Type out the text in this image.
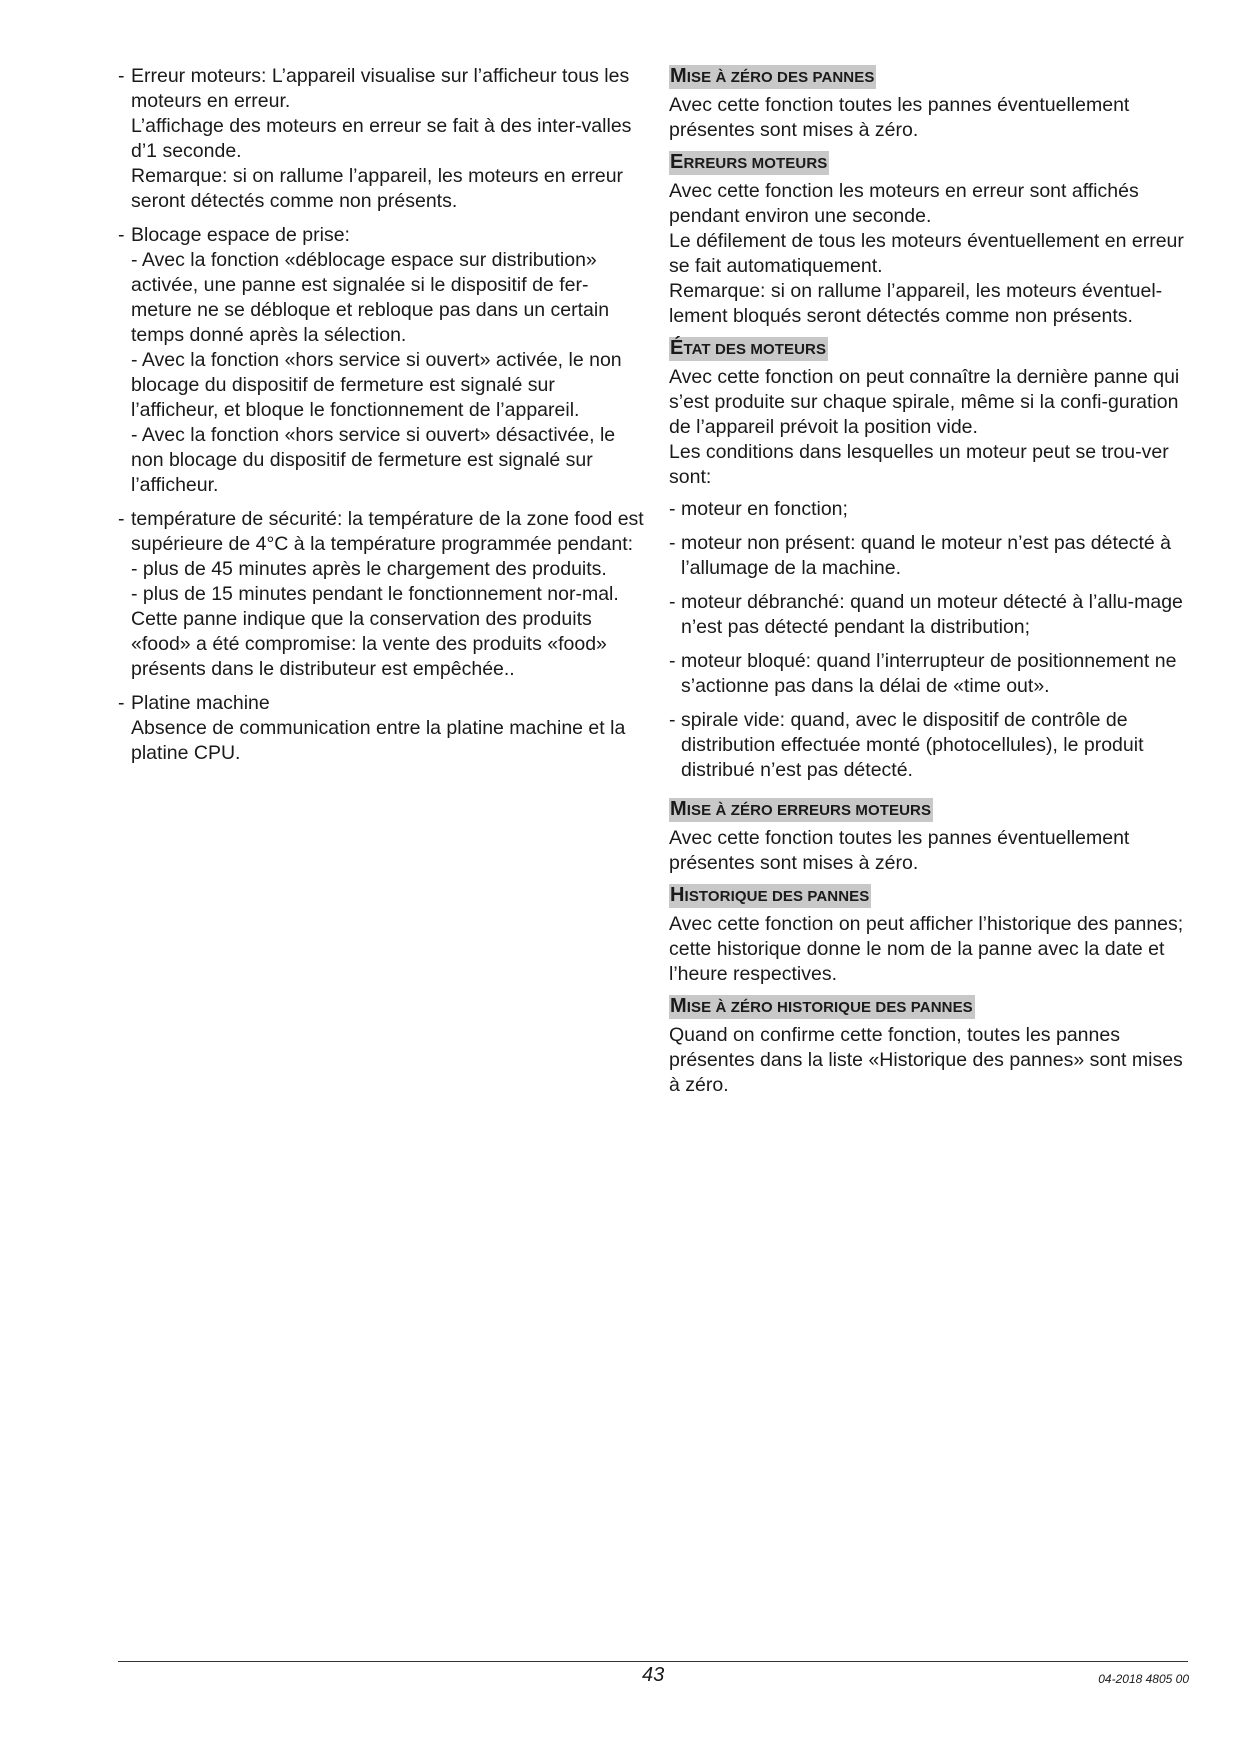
- Erreur moteurs: L’appareil visualise sur l’afficheur tous les moteurs en erreur.

L’affichage des moteurs en erreur se fait à des inter-valles d’1 seconde.

Remarque: si on rallume l’appareil, les moteurs en erreur seront détectés comme non présents.

- Blocage espace de prise:

- Avec la fonction «déblocage espace sur distribution» activée, une panne est signalée si le dispositif de fer-meture ne se débloque et rebloque pas dans un certain temps donné après la sélection.

- Avec la fonction «hors service si ouvert» activée, le non blocage du dispositif de fermeture est signalé sur l’afficheur, et bloque le fonctionnement de l’appareil.

- Avec la fonction «hors service si ouvert» désactivée, le non blocage du dispositif de fermeture est signalé sur l’afficheur.

- température de sécurité: la température de la zone food est supérieure de 4°C à la température programmée pendant:

- plus de 45 minutes après le chargement des produits.

- plus de 15 minutes pendant le fonctionnement nor-mal.

Cette panne indique que la conservation des produits «food» a été compromise: la vente des produits «food» présents dans le distributeur est empêchée..

- Platine machine

Absence de communication entre la platine machine et la platine CPU.

MISE À ZÉRO DES PANNES

Avec cette fonction toutes les pannes éventuellement présentes sont mises à zéro.

ERREURS MOTEURS

Avec cette fonction les moteurs en erreur sont affichés pendant environ une seconde.

Le défilement de tous les moteurs éventuellement en erreur se fait automatiquement.

Remarque: si on rallume l’appareil, les moteurs éventuel-lement bloqués seront détectés comme non présents.

ÉTAT DES MOTEURS

Avec cette fonction on peut connaître la dernière panne qui s’est produite sur chaque spirale, même si la confi-guration de l’appareil prévoit la position vide.

Les conditions dans lesquelles un moteur peut se trou-ver sont:

- moteur en fonction;

- moteur non présent: quand le moteur n’est pas détecté à l’allumage de la machine.

- moteur débranché: quand un moteur détecté à l’allu-mage n’est pas détecté pendant la distribution;

- moteur bloqué: quand l’interrupteur de positionnement ne s’actionne pas dans la délai de «time out».

- spirale vide: quand, avec le dispositif de contrôle de distribution effectuée monté (photocellules), le produit distribué n’est pas détecté.

MISE À ZÉRO ERREURS MOTEURS

Avec cette fonction toutes les pannes éventuellement présentes sont mises à zéro.

HISTORIQUE DES PANNES

Avec cette fonction on peut afficher l’historique des pannes; cette historique donne le nom de la panne avec la date et l’heure respectives.

MISE À ZÉRO HISTORIQUE DES PANNES

Quand on confirme cette fonction, toutes les pannes présentes dans la liste «Historique des pannes» sont mises à zéro.

43	04-2018 4805 00
